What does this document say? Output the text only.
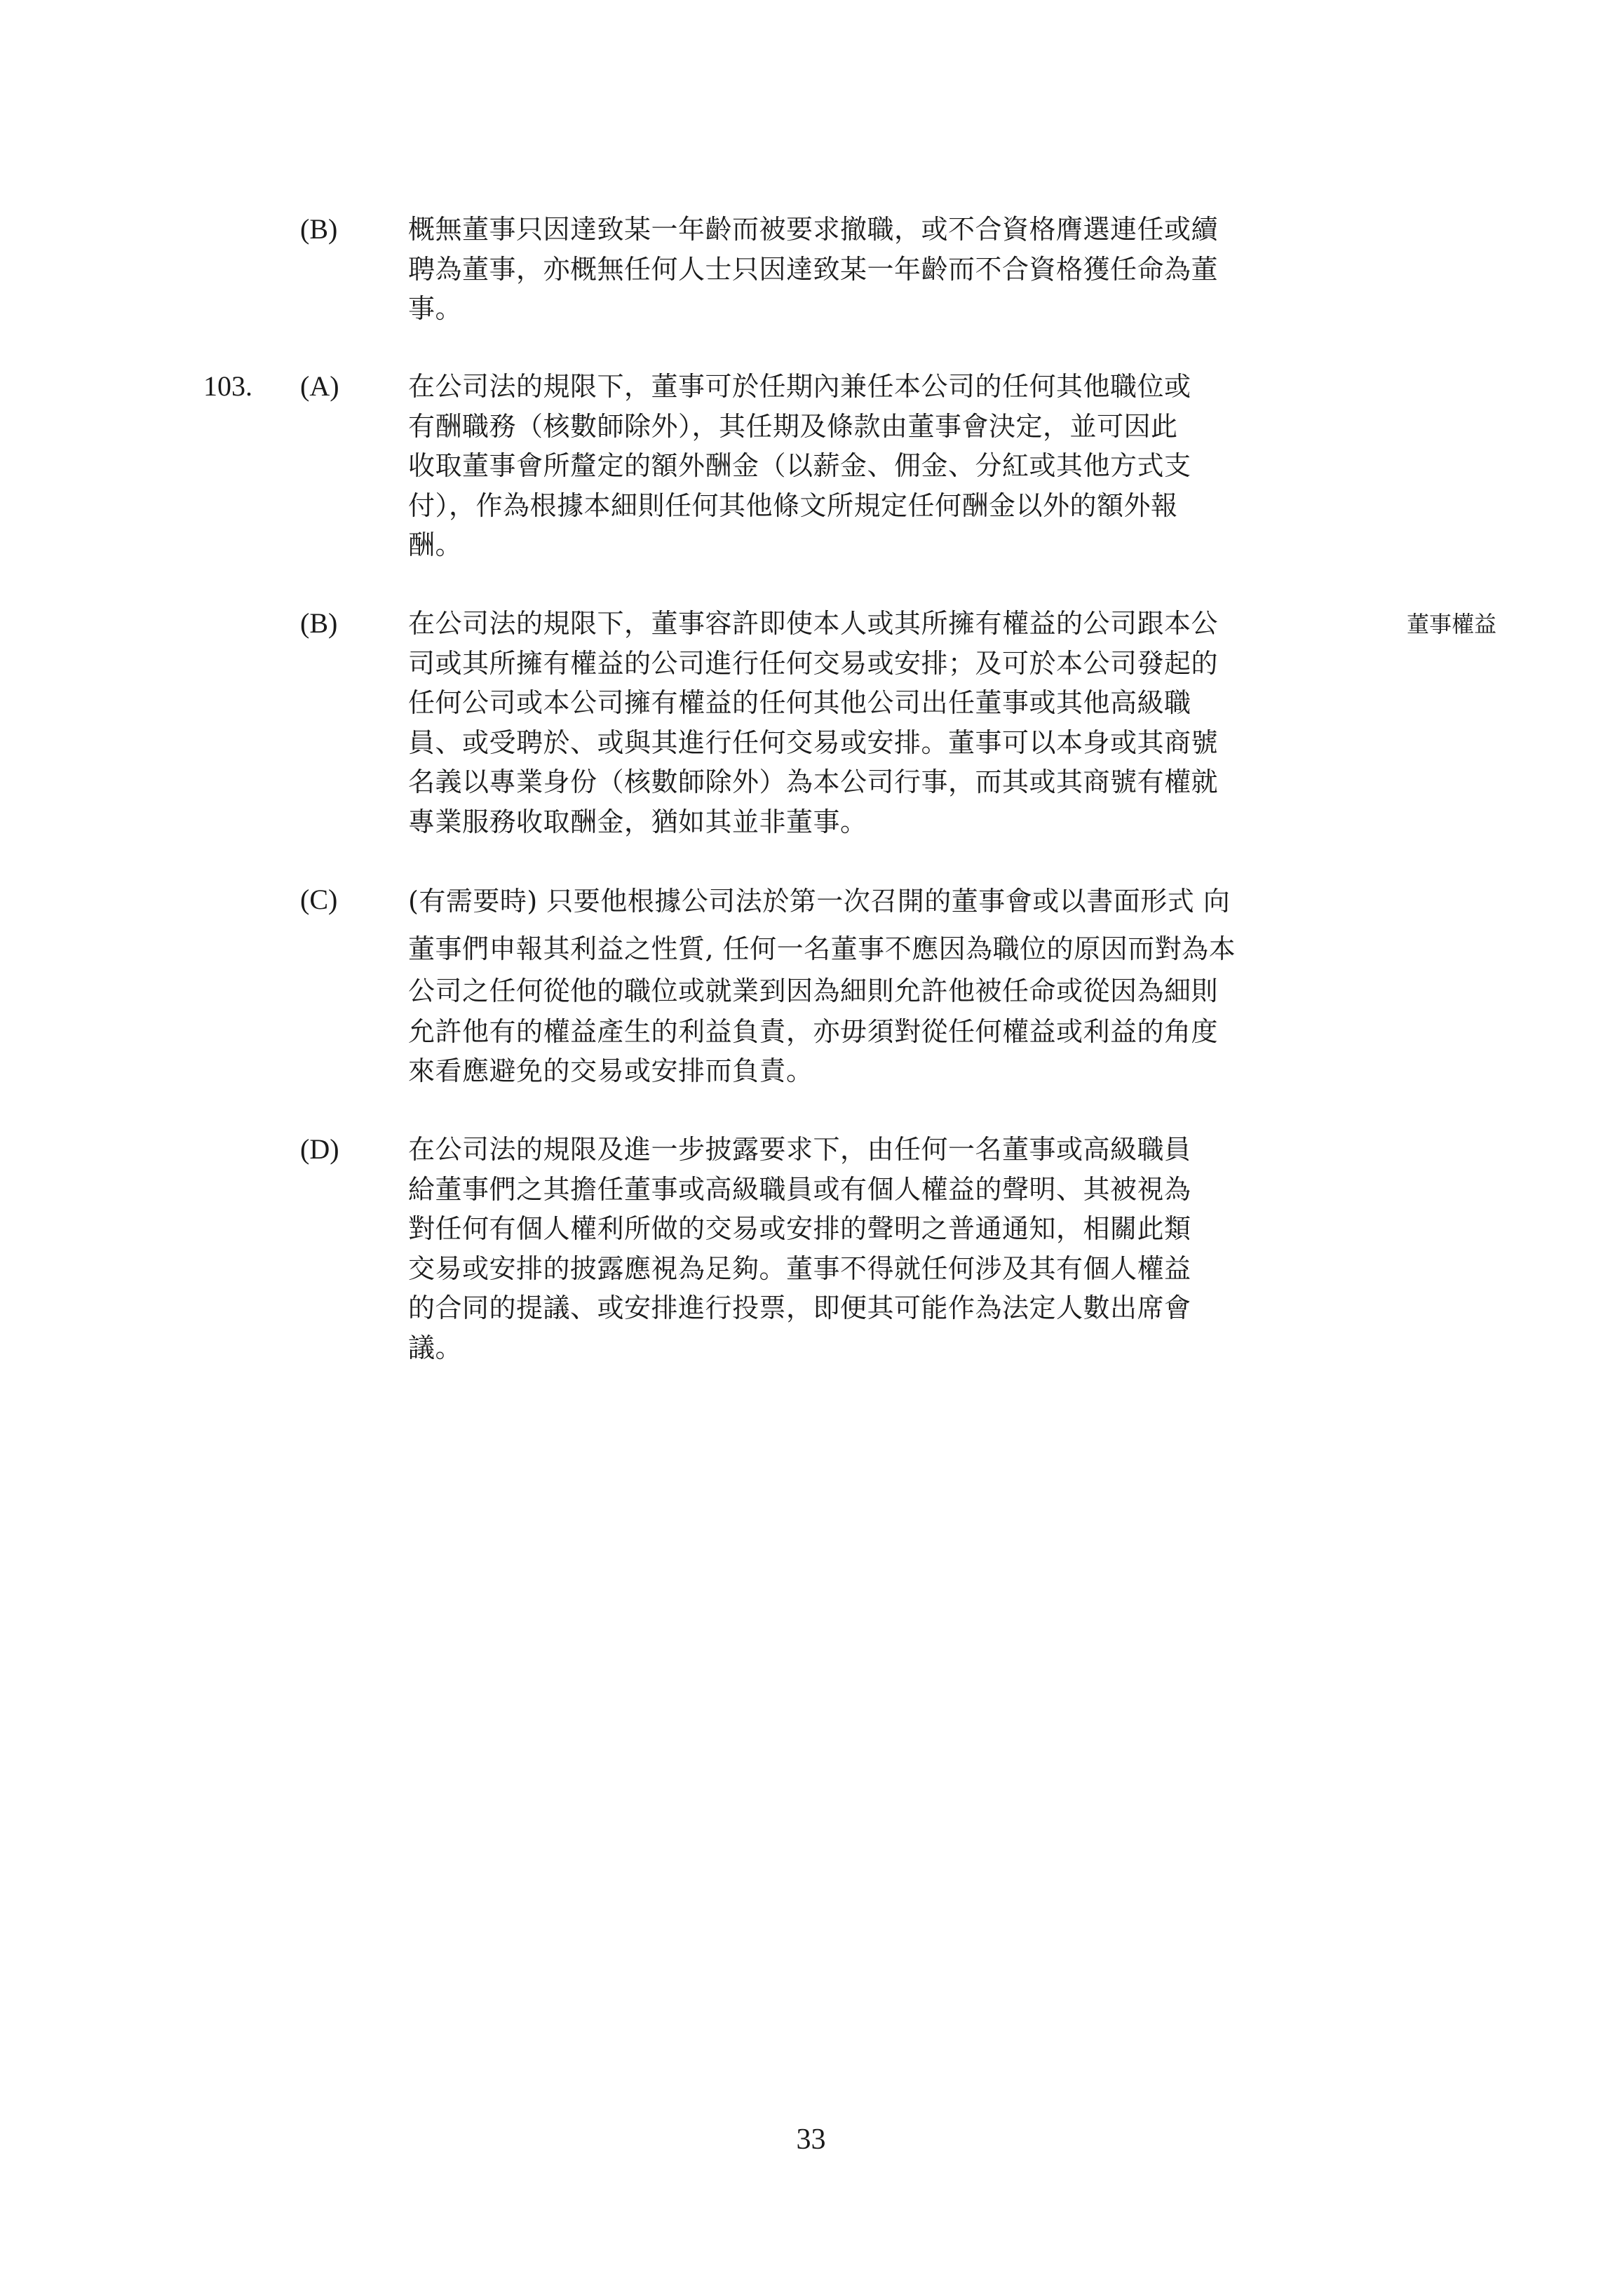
(B)	概無董事只因達致某一年齡而被要求撤職，或不合資格膺選連任或續
聘為董事，亦概無任何人士只因達致某一年齡而不合資格獲任命為董
事。
103. (A)	在公司法的規限下，董事可於任期內兼任本公司的任何其他職位或
有酬職務（核數師除外），其任期及條款由董事會決定，並可因此
收取董事會所釐定的額外酬金（以薪金、佣金、分紅或其他方式支
付），作為根據本細則任何其他條文所規定任何酬金以外的額外報
酬。
(B)	在公司法的規限下，董事容許即使本人或其所擁有權益的公司跟本公
司或其所擁有權益的公司進行任何交易或安排；及可於本公司發起的
任何公司或本公司擁有權益的任何其他公司出任董事或其他高級職
員、或受聘於、或與其進行任何交易或安排。董事可以本身或其商號
名義以專業身份（核數師除外）為本公司行事，而其或其商號有權就
專業服務收取酬金，猶如其並非董事。
董事權益
(C)	(有需要時) 只要他根據公司法於第一次召開的董事會或以書面形式 向
董事們申報其利益之性質, 任何一名董事不應因為職位的原因而對為本
公司之任何從他的職位或就業到因為細則允許他被任命或從因為細則
允許他有的權益產生的利益負責，亦毋須對從任何權益或利益的角度
來看應避免的交易或安排而負責。
(D)	在公司法的規限及進一步披露要求下，由任何一名董事或高級職員
給董事們之其擔任董事或高級職員或有個人權益的聲明、其被視為
對任何有個人權利所做的交易或安排的聲明之普通通知，相關此類
交易或安排的披露應視為足夠。董事不得就任何涉及其有個人權益
的合同的提議、或安排進行投票，即便其可能作為法定人數出席會
議。
33
